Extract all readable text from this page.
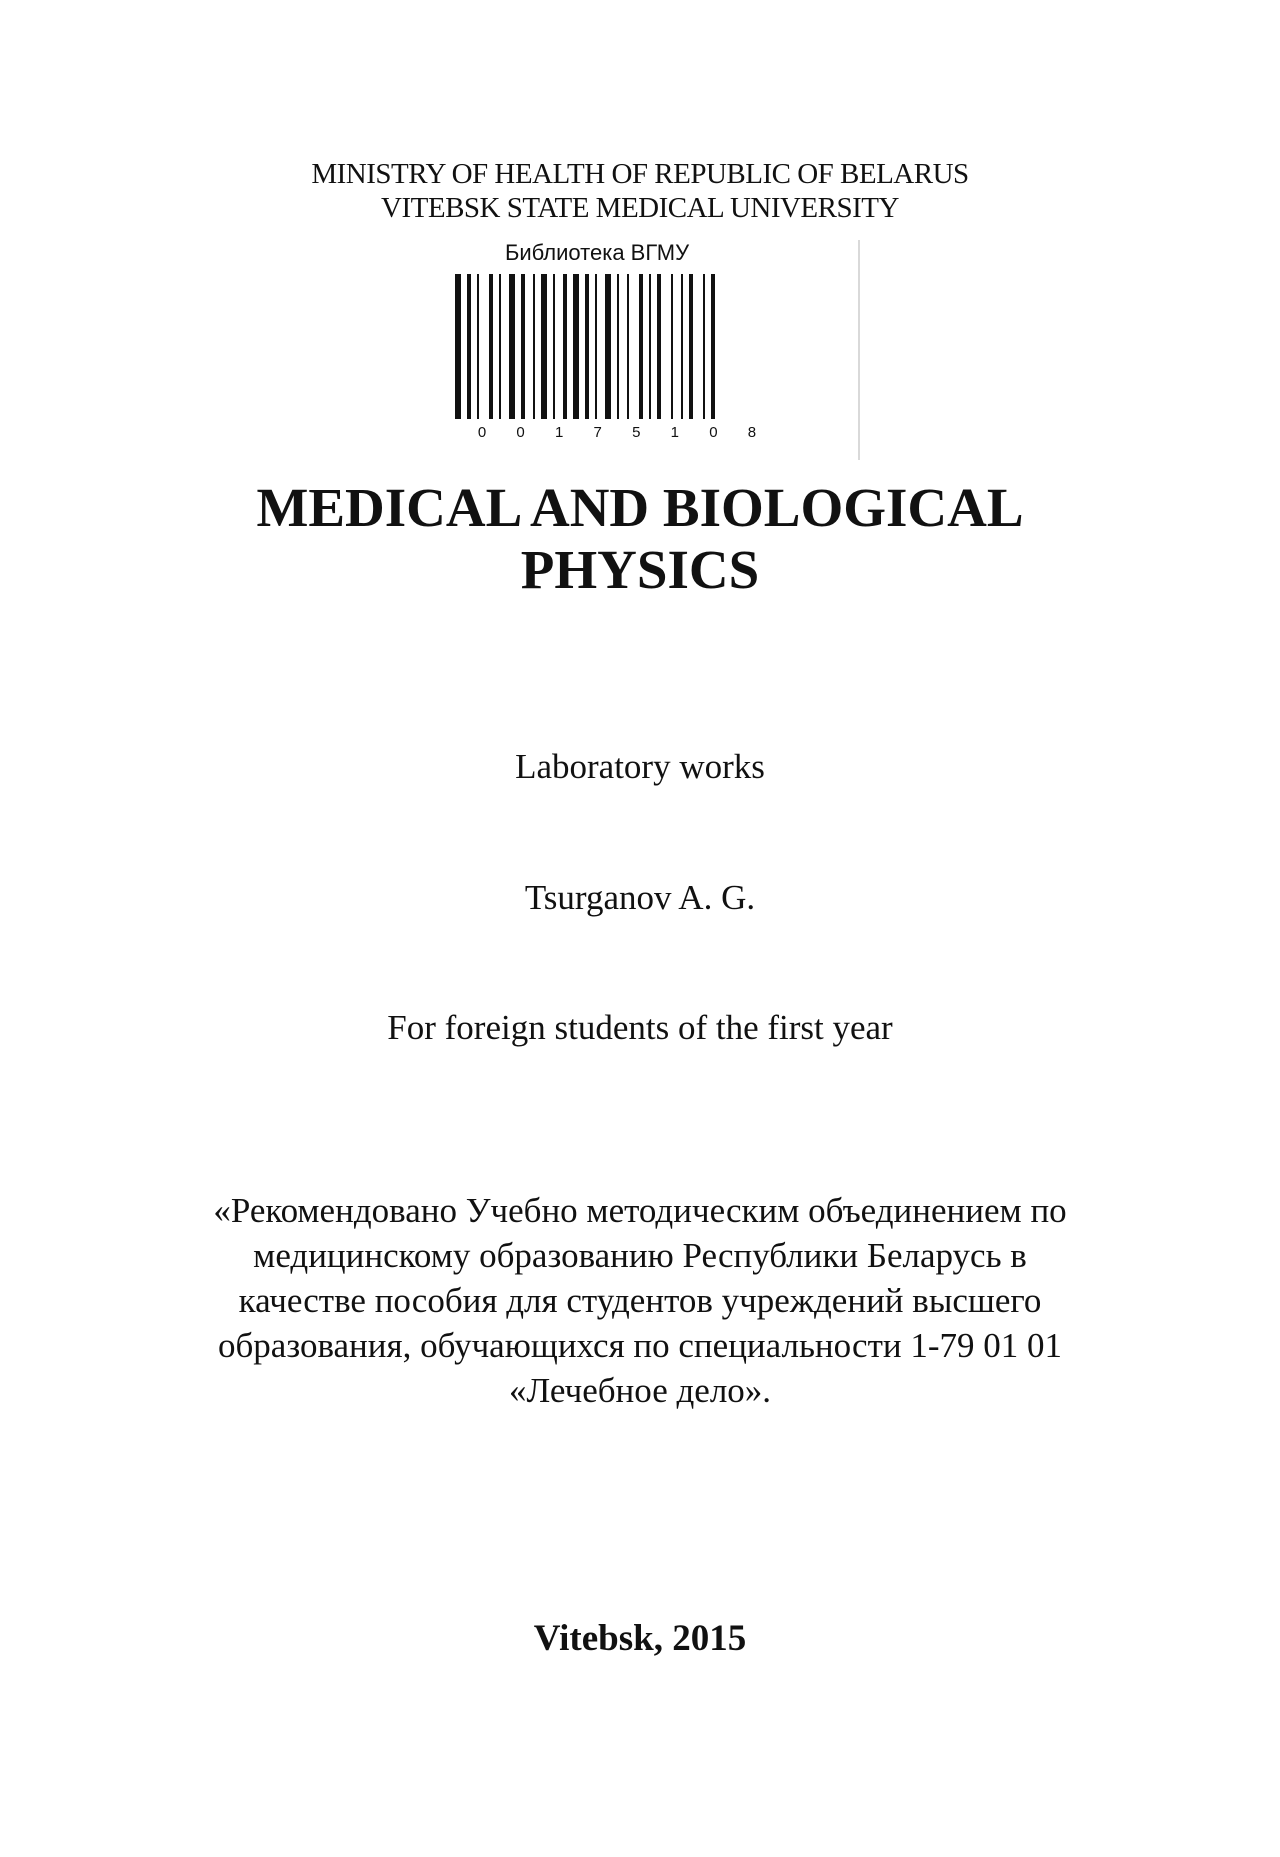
MINISTRY OF HEALTH OF REPUBLIC OF BELARUS
VITEBSK STATE MEDICAL UNIVERSITY
Библиотека ВГМУ
0	0	1	7	5	1	0	8
MEDICAL AND BIOLOGICAL
PHYSICS
Laboratory works
Tsurganov A. G.
For foreign students of the first year
«Рекомендовано Учебно методическим объединением по
медицинскому образованию Республики Беларусь в
качестве пособия для студентов учреждений высшего
образования, обучающихся по специальности 1-79 01 01
«Лечебное дело».
Vitebsk, 2015
